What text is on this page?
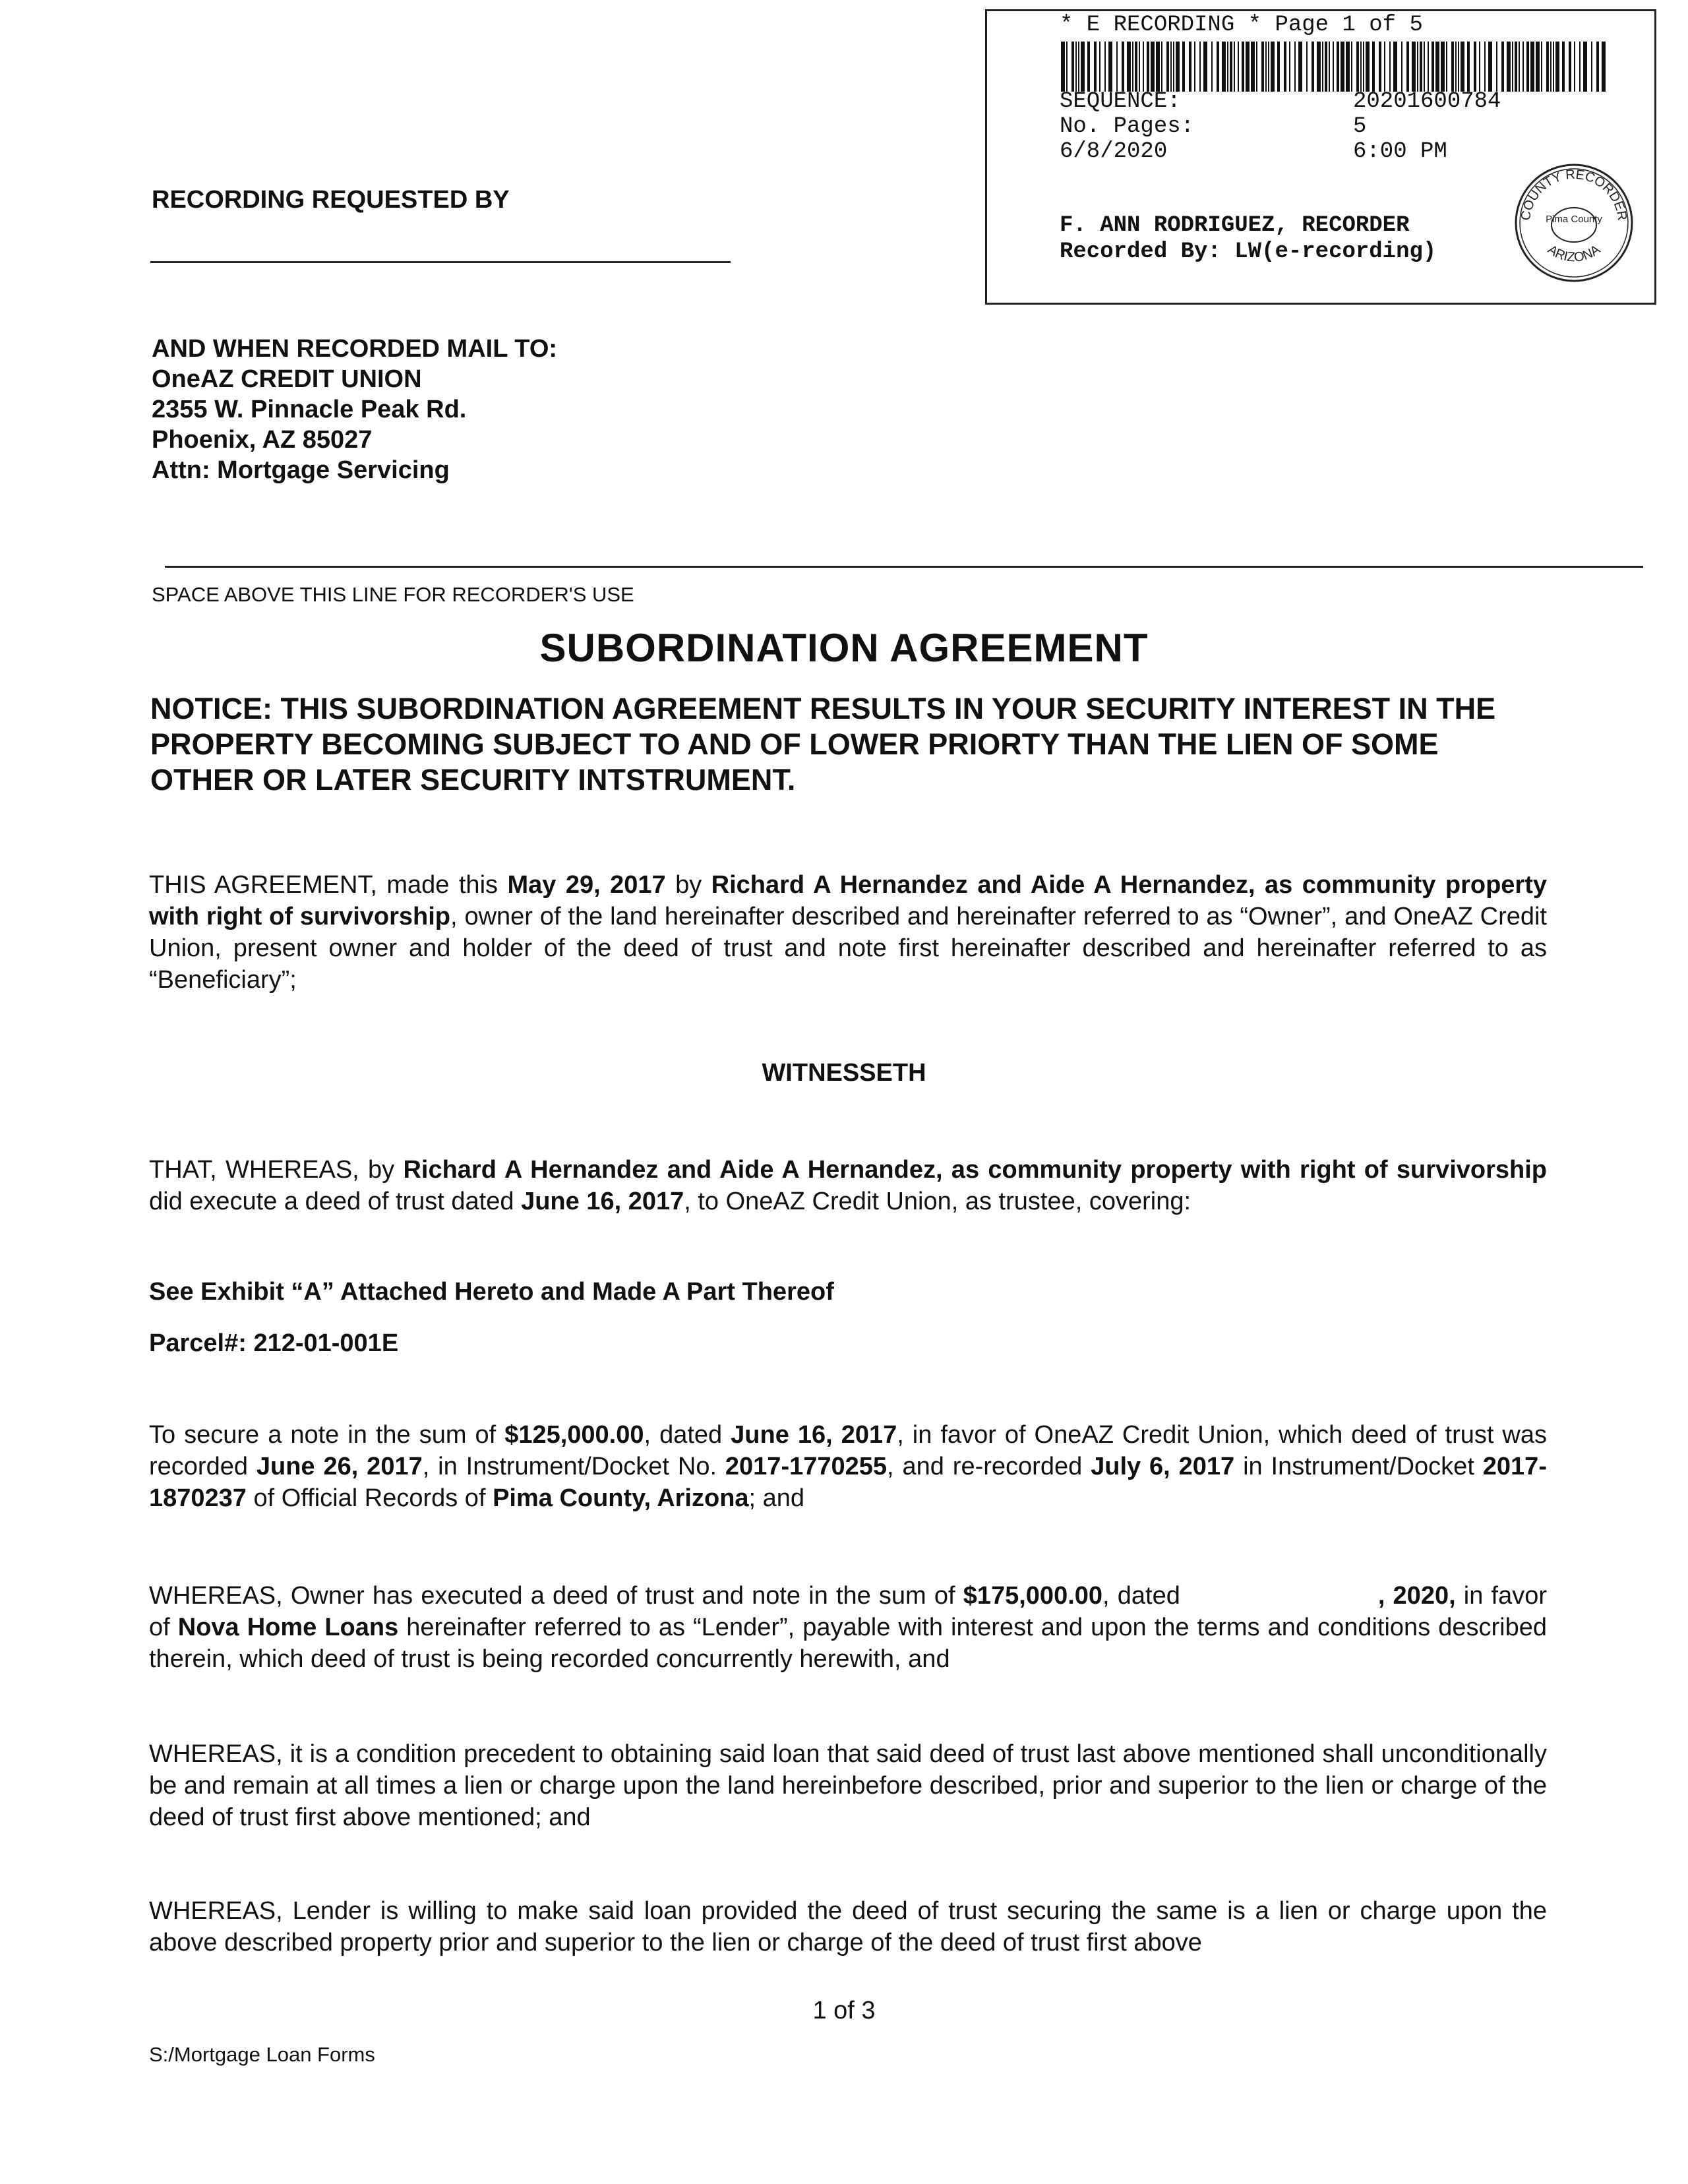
* E RECORDING * Page 1 of 5
SEQUENCE:	20201600784
No. Pages:	5
6/8/2020	6:00 PM
F. ANN RODRIGUEZ, RECORDER
Recorded By: LW(e-recording)
COUNTY RECORDER
Pima County
ARIZONA
RECORDING REQUESTED BY
AND WHEN RECORDED MAIL TO:
OneAZ CREDIT UNION
2355 W. Pinnacle Peak Rd.
Phoenix, AZ 85027
Attn: Mortgage Servicing
SPACE ABOVE THIS LINE FOR RECORDER'S USE
SUBORDINATION AGREEMENT
NOTICE: THIS SUBORDINATION AGREEMENT RESULTS IN YOUR SECURITY INTEREST IN THE PROPERTY BECOMING SUBJECT TO AND OF LOWER PRIORTY THAN THE LIEN OF SOME OTHER OR LATER SECURITY INTSTRUMENT.
THIS AGREEMENT, made this May 29, 2017 by Richard A Hernandez and Aide A Hernandez, as community property with right of survivorship, owner of the land hereinafter described and hereinafter referred to as “Owner”, and OneAZ Credit Union, present owner and holder of the deed of trust and note first hereinafter described and hereinafter referred to as “Beneficiary”;
WITNESSETH
THAT, WHEREAS, by Richard A Hernandez and Aide A Hernandez, as community property with right of survivorship did execute a deed of trust dated June 16, 2017, to OneAZ Credit Union, as trustee, covering:
See Exhibit “A” Attached Hereto and Made A Part Thereof
Parcel#: 212-01-001E
To secure a note in the sum of $125,000.00, dated June 16, 2017, in favor of OneAZ Credit Union, which deed of trust was recorded June 26, 2017, in Instrument/Docket No. 2017-1770255, and re-recorded July 6, 2017 in Instrument/Docket 2017-1870237 of Official Records of Pima County, Arizona; and
WHEREAS, Owner has executed a deed of trust and note in the sum of $175,000.00, dated	, 2020, in favor of Nova Home Loans hereinafter referred to as “Lender”, payable with interest and upon the terms and conditions described therein, which deed of trust is being recorded concurrently herewith, and
WHEREAS, it is a condition precedent to obtaining said loan that said deed of trust last above mentioned shall unconditionally be and remain at all times a lien or charge upon the land hereinbefore described, prior and superior to the lien or charge of the deed of trust first above mentioned; and
WHEREAS, Lender is willing to make said loan provided the deed of trust securing the same is a lien or charge upon the above described property prior and superior to the lien or charge of the deed of trust first above
1 of 3
S:/Mortgage Loan Forms
